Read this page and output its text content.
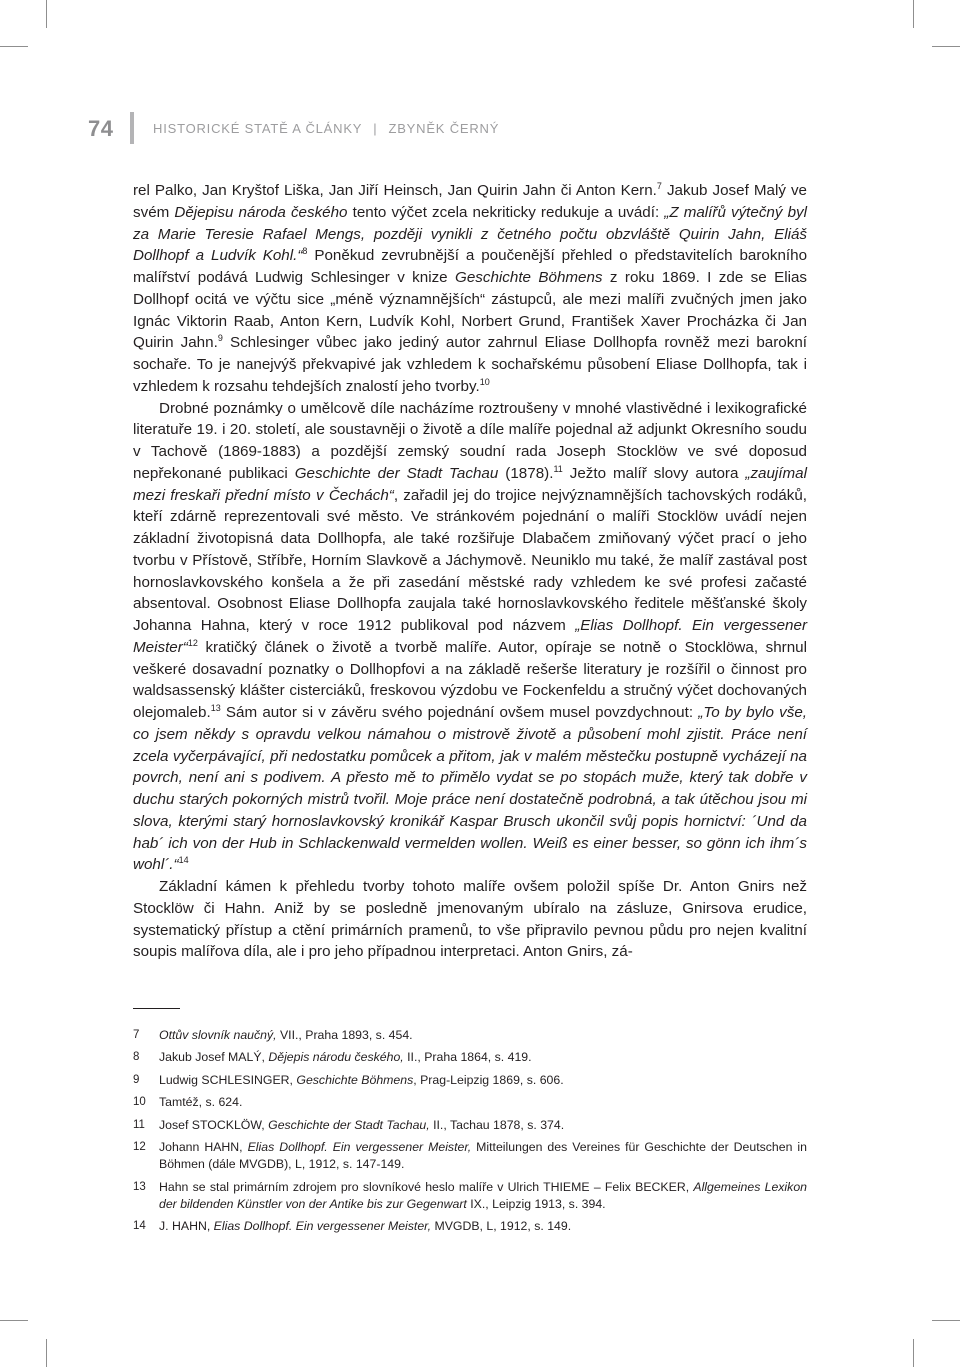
74	HISTORICKÉ STATĚ A ČLÁNKY | ZBYNĚK ČERNÝ

rel Palko, Jan Kryštof Liška, Jan Jiří Heinsch, Jan Quirin Jahn či Anton Kern.$^7$ Jakub Josef Malý ve svém Dějepisu národa českého tento výčet zcela nekriticky redukuje a uvádí: „Z malířů výtečný byl za Marie Teresie Rafael Mengs, později vynikli z četného počtu obzvláště Quirin Jahn, Eliáš Dollhopf a Ludvík Kohl.“$^8$ Poněkud zevrubnější a poučenější přehled o představitelích barokního malířství podává Ludwig Schlesinger v knize Geschichte Böhmens z roku 1869. I zde se Elias Dollhopf ocitá ve výčtu sice „méně významnějších“ zástupců, ale mezi malíři zvučných jmen jako Ignác Viktorin Raab, Anton Kern, Ludvík Kohl, Norbert Grund, František Xaver Procházka či Jan Quirin Jahn.$^9$ Schlesinger vůbec jako jediný autor zahrnul Eliase Dollhopfa rovněž mezi barokní sochaře. To je nanejvýš překvapivé jak vzhledem k sochařskému působení Eliase Dollhopfa, tak i vzhledem k rozsahu tehdejších znalostí jeho tvorby.$^{10}$

Drobné poznámky o umělcově díle nacházíme roztroušeny v mnohé vlastivědné i lexikografické literatuře 19. i 20. století, ale soustavněji o životě a díle malíře pojednal až adjunkt Okresního soudu v Tachově (1869-1883) a pozdější zemský soudní rada Joseph Stocklöw ve své doposud nepřekonané publikaci Geschichte der Stadt Tachau (1878).$^{11}$ Ježto malíř slovy autora „zaujímal mezi freskaři přední místo v Čechách“, zařadil jej do trojice nejvýznamnějších tachovských rodáků, kteří zdárně reprezentovali své město. Ve stránkovém pojednání o malíři Stocklöw uvádí nejen základní životopisná data Dollhopfa, ale také rozšiřuje Dlabačem zmiňovaný výčet prací o jeho tvorbu v Přístově, Stříbře, Horním Slavkově a Jáchymově. Neuniklo mu také, že malíř zastával post hornoslavkovského konšela a že při zasedání městské rady vzhledem ke své profesi začasté absentoval. Osobnost Eliase Dollhopfa zaujala také hornoslavkovského ředitele měšťanské školy Johanna Hahna, který v roce 1912 publikoval pod názvem „Elias Dollhopf. Ein vergessener Meister“$^{12}$ kratičký článek o životě a tvorbě malíře. Autor, opíraje se notně o Stocklöwa, shrnul veškeré dosavadní poznatky o Dollhopfovi a na základě rešerše literatury je rozšířil o činnost pro waldsassenský klášter cisterciáků, freskovou výzdobu ve Fockenfeldu a stručný výčet dochovaných olejomaleb.$^{13}$ Sám autor si v závěru svého pojednání ovšem musel povzdychnout: „To by bylo vše, co jsem někdy s opravdu velkou námahou o mistrově životě a působení mohl zjistit. Práce není zcela vyčerpávající, při nedostatku pomůcek a přitom, jak v malém městečku postupně vycházejí na povrch, není ani s podivem. A přesto mě to přimělo vydat se po stopách muže, který tak dobře v duchu starých pokorných mistrů tvořil. Moje práce není dostatečně podrobná, a tak útěchou jsou mi slova, kterými starý hornoslavkovský kronikář Kaspar Brusch ukončil svůj popis hornictví: ´Und da hab´ ich von der Hub in Schlackenwald vermelden wollen. Weiß es einer besser, so gönn ich ihm´s wohl´.“$^{14}$

Základní kámen k přehledu tvorby tohoto malíře ovšem položil spíše Dr. Anton Gnirs než Stocklöw či Hahn. Aniž by se posledně jmenovaným ubíralo na zásluze, Gnirsova erudice, systematický přístup a ctění primárních pramenů, to vše připravilo pevnou půdu pro nejen kvalitní soupis malířova díla, ale i pro jeho případnou interpretaci. Anton Gnirs, zá-

7 Ottův slovník naučný, VII., Praha 1893, s. 454.
8 Jakub Josef MALÝ, Dějepis národu českého, II., Praha 1864, s. 419.
9 Ludwig SCHLESINGER, Geschichte Böhmens, Prag-Leipzig 1869, s. 606.
10 Tamtéž, s. 624.
11 Josef STOCKLÖW, Geschichte der Stadt Tachau, II., Tachau 1878, s. 374.
12 Johann HAHN, Elias Dollhopf. Ein vergessener Meister, Mitteilungen des Vereines für Geschichte der Deutschen in Böhmen (dále MVGDB), L, 1912, s. 147-149.
13 Hahn se stal primárním zdrojem pro slovníkové heslo malíře v Ulrich THIEME – Felix BECKER, Allgemeines Lexikon der bildenden Künstler von der Antike bis zur Gegenwart IX., Leipzig 1913, s. 394.
14 J. HAHN, Elias Dollhopf. Ein vergessener Meister, MVGDB, L, 1912, s. 149.
